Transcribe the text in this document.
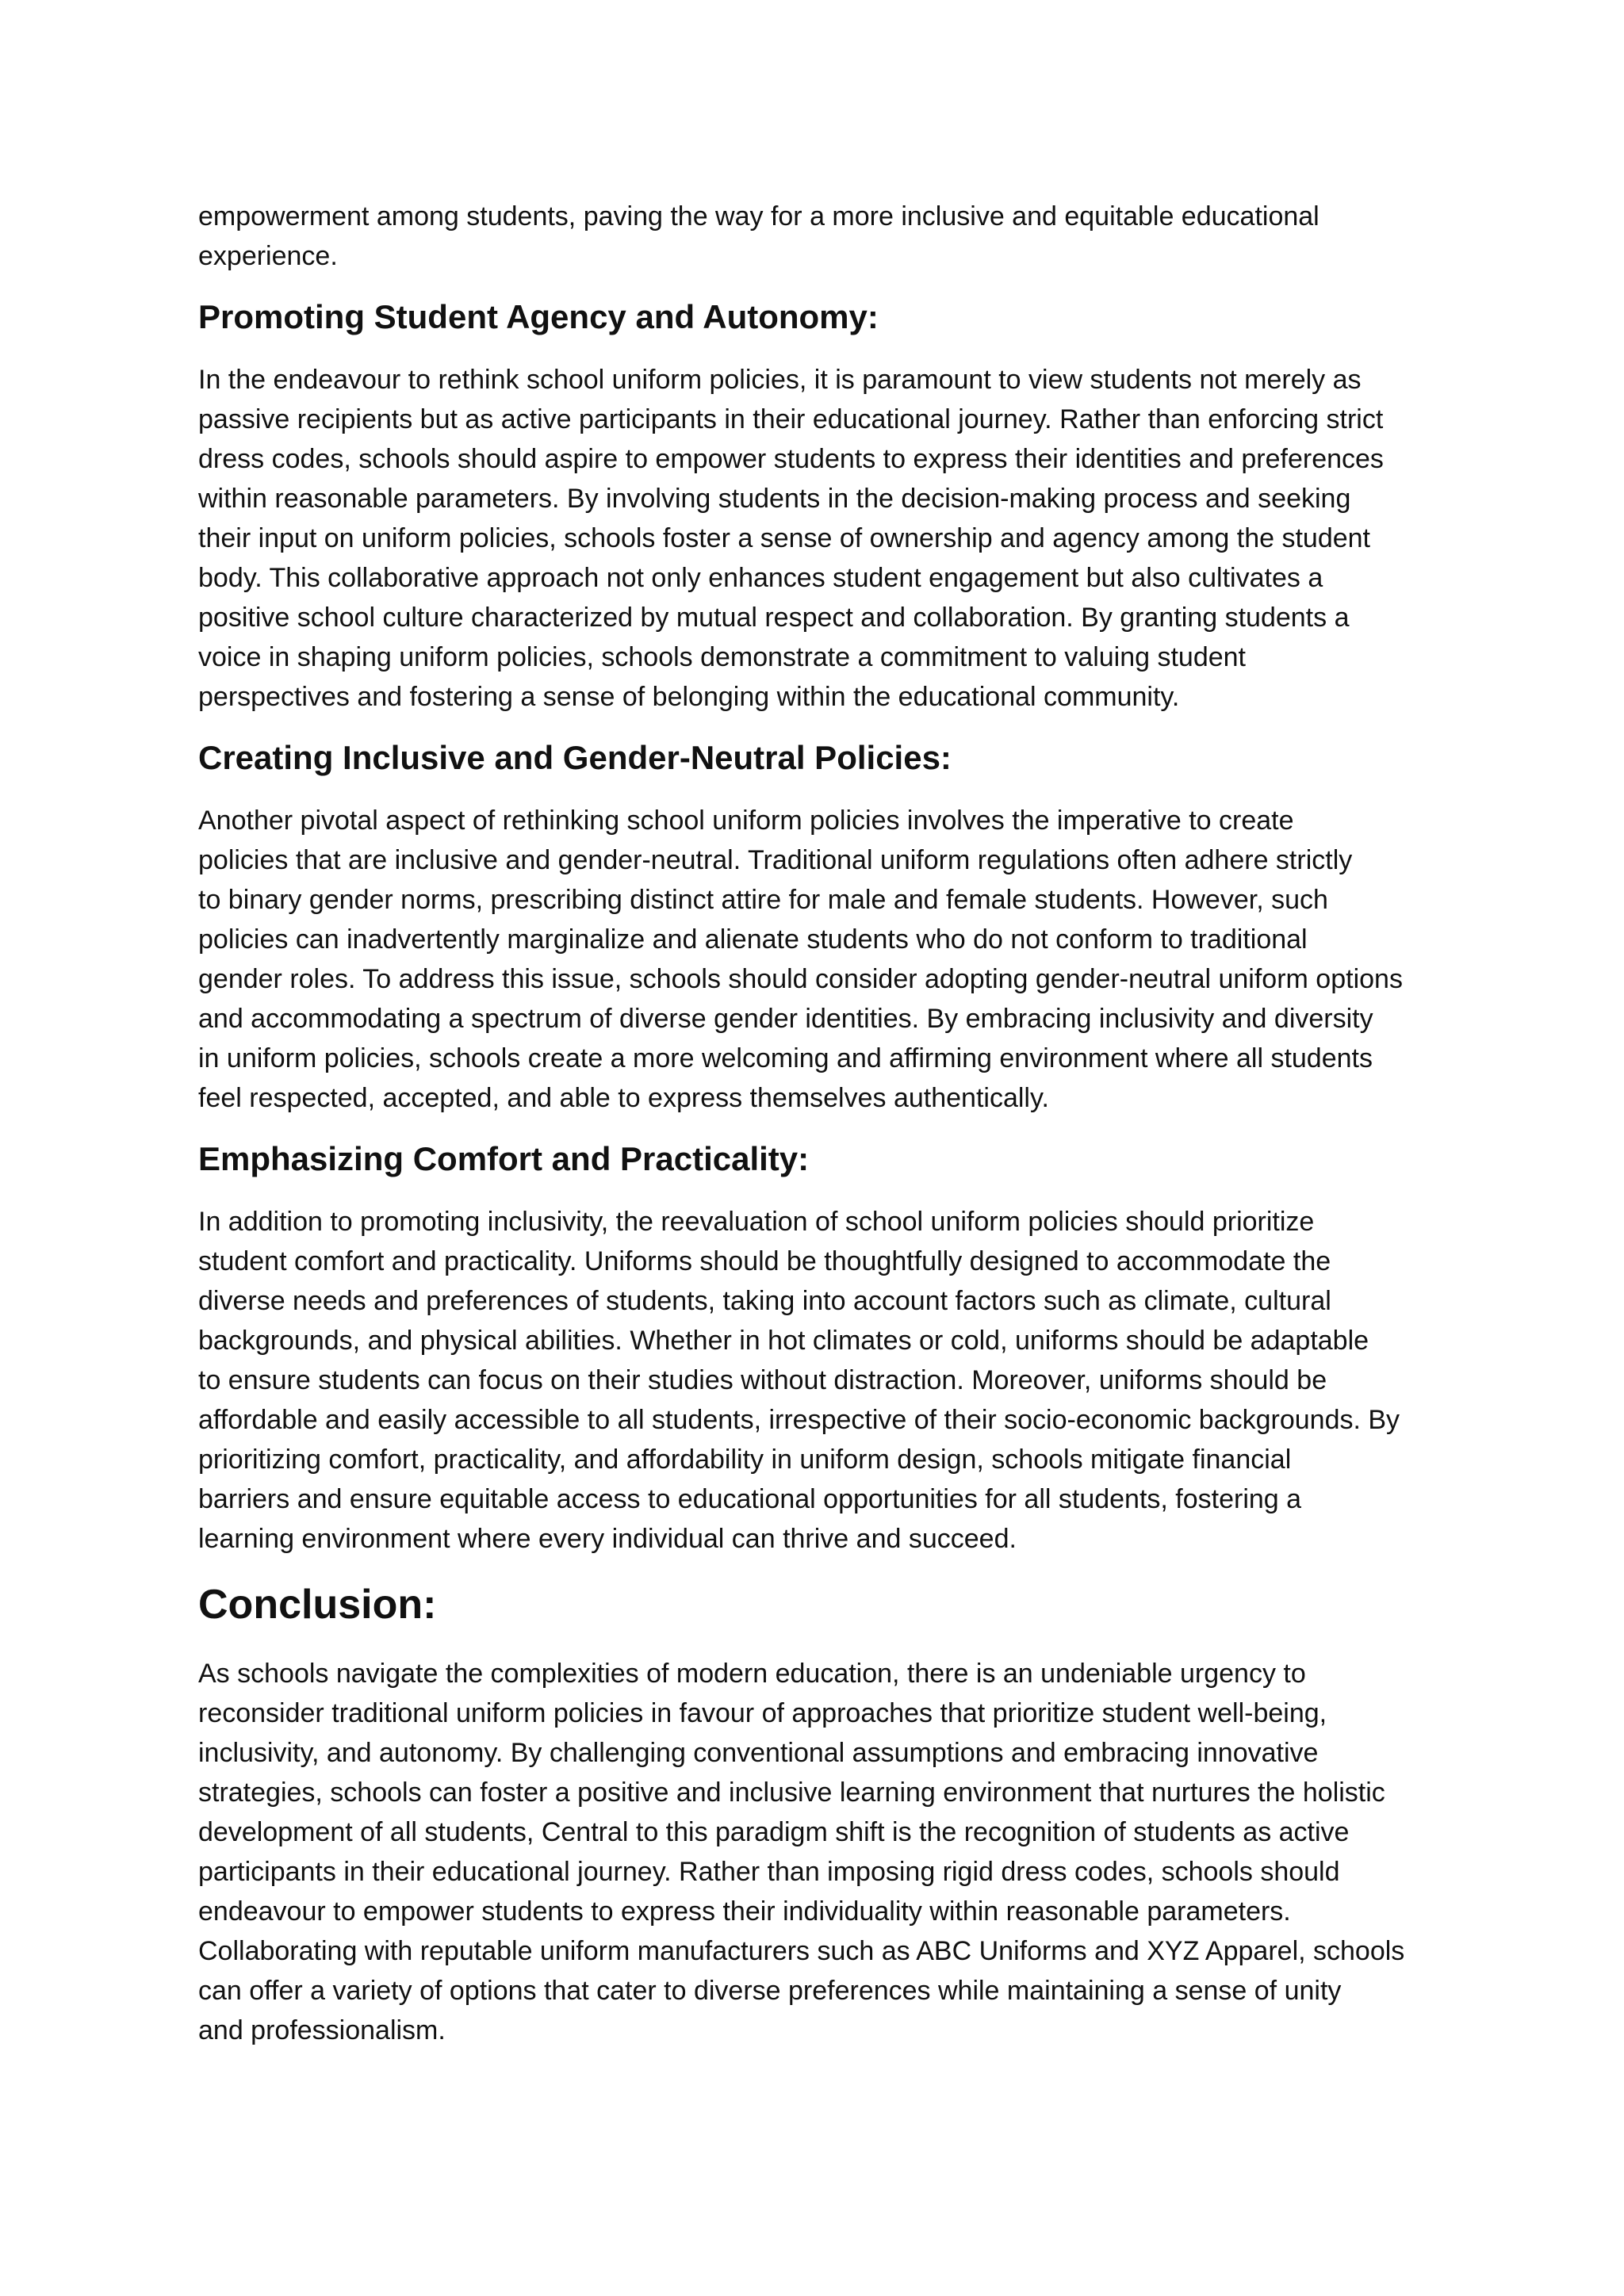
empowerment among students, paving the way for a more inclusive and equitable educational
experience.

Promoting Student Agency and Autonomy:

In the endeavour to rethink school uniform policies, it is paramount to view students not merely as
passive recipients but as active participants in their educational journey. Rather than enforcing strict
dress codes, schools should aspire to empower students to express their identities and preferences
within reasonable parameters. By involving students in the decision-making process and seeking
their input on uniform policies, schools foster a sense of ownership and agency among the student
body. This collaborative approach not only enhances student engagement but also cultivates a
positive school culture characterized by mutual respect and collaboration. By granting students a
voice in shaping uniform policies, schools demonstrate a commitment to valuing student
perspectives and fostering a sense of belonging within the educational community.

Creating Inclusive and Gender-Neutral Policies:

Another pivotal aspect of rethinking school uniform policies involves the imperative to create
policies that are inclusive and gender-neutral. Traditional uniform regulations often adhere strictly
to binary gender norms, prescribing distinct attire for male and female students. However, such
policies can inadvertently marginalize and alienate students who do not conform to traditional
gender roles. To address this issue, schools should consider adopting gender-neutral uniform options
and accommodating a spectrum of diverse gender identities. By embracing inclusivity and diversity
in uniform policies, schools create a more welcoming and affirming environment where all students
feel respected, accepted, and able to express themselves authentically.

Emphasizing Comfort and Practicality:

In addition to promoting inclusivity, the reevaluation of school uniform policies should prioritize
student comfort and practicality. Uniforms should be thoughtfully designed to accommodate the
diverse needs and preferences of students, taking into account factors such as climate, cultural
backgrounds, and physical abilities. Whether in hot climates or cold, uniforms should be adaptable
to ensure students can focus on their studies without distraction. Moreover, uniforms should be
affordable and easily accessible to all students, irrespective of their socio-economic backgrounds. By
prioritizing comfort, practicality, and affordability in uniform design, schools mitigate financial
barriers and ensure equitable access to educational opportunities for all students, fostering a
learning environment where every individual can thrive and succeed.

Conclusion:

As schools navigate the complexities of modern education, there is an undeniable urgency to
reconsider traditional uniform policies in favour of approaches that prioritize student well-being,
inclusivity, and autonomy. By challenging conventional assumptions and embracing innovative
strategies, schools can foster a positive and inclusive learning environment that nurtures the holistic
development of all students, Central to this paradigm shift is the recognition of students as active
participants in their educational journey. Rather than imposing rigid dress codes, schools should
endeavour to empower students to express their individuality within reasonable parameters.
Collaborating with reputable uniform manufacturers such as ABC Uniforms and XYZ Apparel, schools
can offer a variety of options that cater to diverse preferences while maintaining a sense of unity
and professionalism.
